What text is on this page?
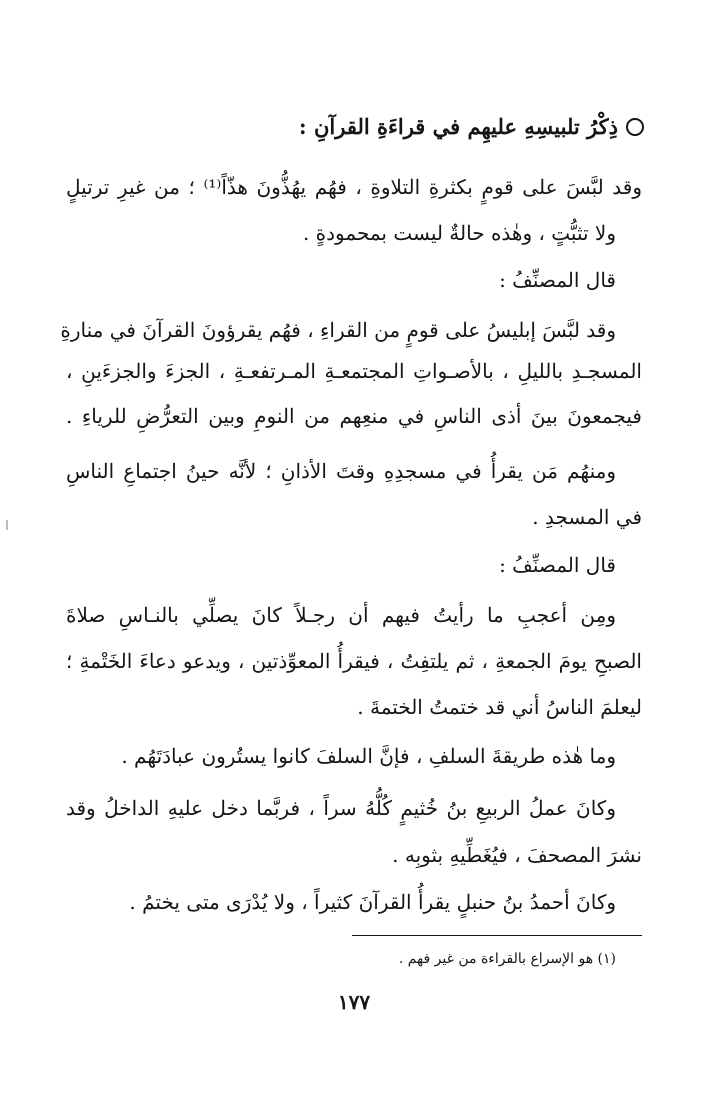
ذِكْرُ تلبيسِهِ عليهِم في قراءَةِ القرآنِ :
وقد لبَّسَ على قومٍ بكثرةِ التلاوةِ ، فهُم يهُذُّونَ هذّاً⁽¹⁾ ؛ من غيرِ ترتيلٍ
ولا تثبُّتٍ ، وهٰذه حالةٌ ليست بمحمودةٍ .
قال المصنِّفُ :
وقد لبَّسَ إبليسُ على قومٍ من القراءِ ، فهُم يقرؤونَ القرآنَ في منارةِ
المسجـدِ بالليلِ ، بالأصـواتِ المجتمعـةِ المـرتفعـةِ ، الجزءَ والجزءَينِ ،
فيجمعونَ بينَ أذى الناسِ في منعِهم من النومِ وبين التعرُّضِ للرياءِ .
ومنهُم مَن يقرأُ في مسجدِهِ وقتَ الأذانِ ؛ لأنَّه حينُ اجتماعِ الناسِ
في المسجدِ .
قال المصنِّفُ :
ومِن أعجبِ ما رأيتُ فيهم أن رجـلاً كانَ يصلِّي بالنـاسِ صلاةَ
الصبحِ يومَ الجمعةِ ، ثم يلتفِتُ ، فيقرأُ المعوِّذتين ، ويدعو دعاءَ الخَتْمةِ ؛
ليعلمَ الناسُ أني قد ختمتُ الختمةَ .
وما هٰذه طريقةَ السلفِ ، فإنَّ السلفَ كانوا يستُرون عبادَتَهُم .
وكانَ عملُ الربيعِ بنُ خُثيمٍ كُلُّهُ سراً ، فربَّما دخل عليهِ الداخلُ وقد
نشرَ المصحفَ ، فيُغَطِّيهِ بثوبِه .
وكانَ أحمدُ بنُ حنبلٍ يقرأُ القرآنَ كثيراً ، ولا يُدْرَى متى يختمُ .
(١) هو الإسراع بالقراءة من غير فهم .
١٧٧
